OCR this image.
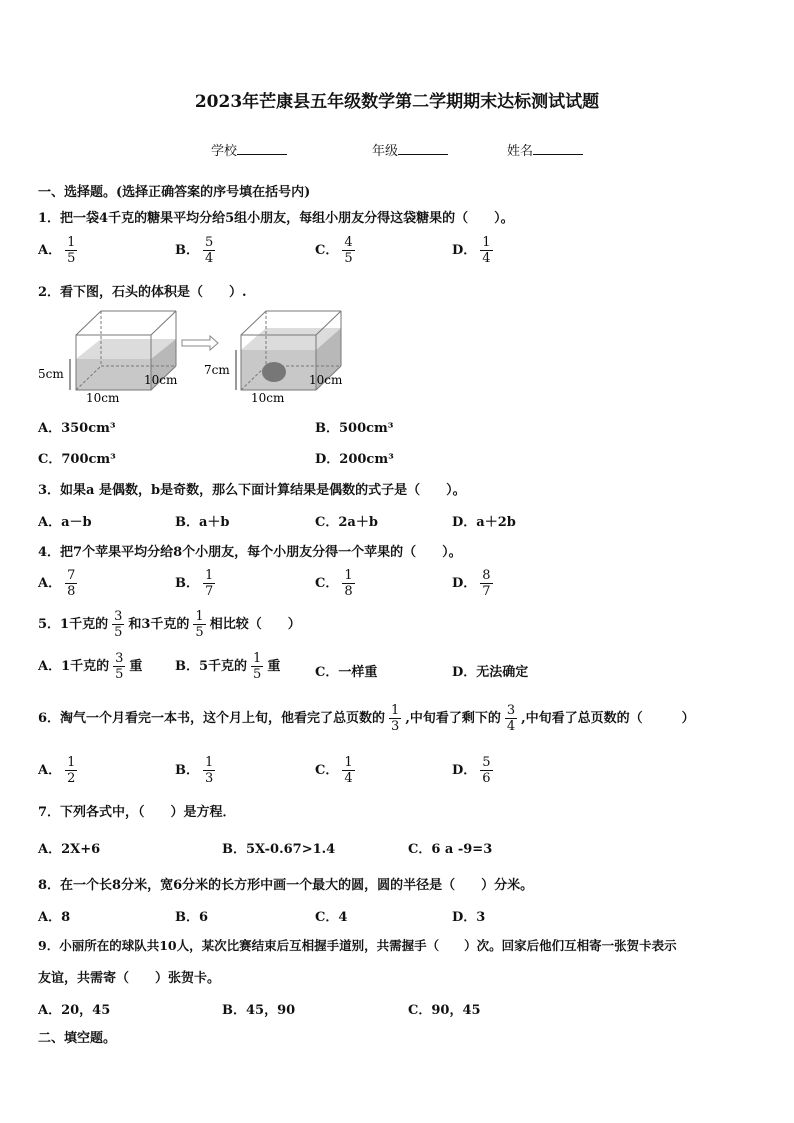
2023年芒康县五年级数学第二学期期末达标测试试题
学校	年级	姓名
一、选择题。(选择正确答案的序号填在括号内)
1．把一袋4千克的糖果平均分给5组小朋友，每组小朋友分得这袋糖果的（　　）。
A． $\frac{1}{5}$	B． $\frac{5}{4}$	C． $\frac{4}{5}$	D． $\frac{1}{4}$
2．看下图，石头的体积是（　　）.
5cm	10cm
10cm
7cm
10cm
10cm
A．350cm³	B．500cm³
C．700cm³	D．200cm³
3．如果a 是偶数，b是奇数，那么下面计算结果是偶数的式子是（　　）。
A．a－b	B．a＋b	C．2a＋b	D．a＋2b
4．把7个苹果平均分给8个小朋友，每个小朋友分得一个苹果的（　　）。
A． $\frac{7}{8}$	B． $\frac{1}{7}$	C． $\frac{1}{8}$	D． $\frac{8}{7}$
5．1千克的 $\frac{3}{5}$ 和3千克的 $\frac{1}{5}$ 相比较（　　）
A．1千克的 $\frac{3}{5}$ 重	B．5千克的 $\frac{1}{5}$ 重	C．一样重	D．无法确定
6．淘气一个月看完一本书，这个月上旬，他看完了总页数的 $\frac{1}{3}$ ,中旬看了剩下的 $\frac{3}{4}$ ,中旬看了总页数的（　　　）
A． $\frac{1}{2}$	B． $\frac{1}{3}$	C． $\frac{1}{4}$	D． $\frac{5}{6}$
7．下列各式中，（　　）是方程．
A．2X+6	B．5X-0.67>1.4	C．6 a -9=3
8．在一个长8分米，宽6分米的长方形中画一个最大的圆，圆的半径是（　　）分米。
A．8	B．6	C．4	D．3
9．小丽所在的球队共10人，某次比赛结束后互相握手道别，共需握手（　　）次。回家后他们互相寄一张贺卡表示
友谊，共需寄（　　）张贺卡。
A．20，45	B．45，90	C．90，45
二、填空题。
